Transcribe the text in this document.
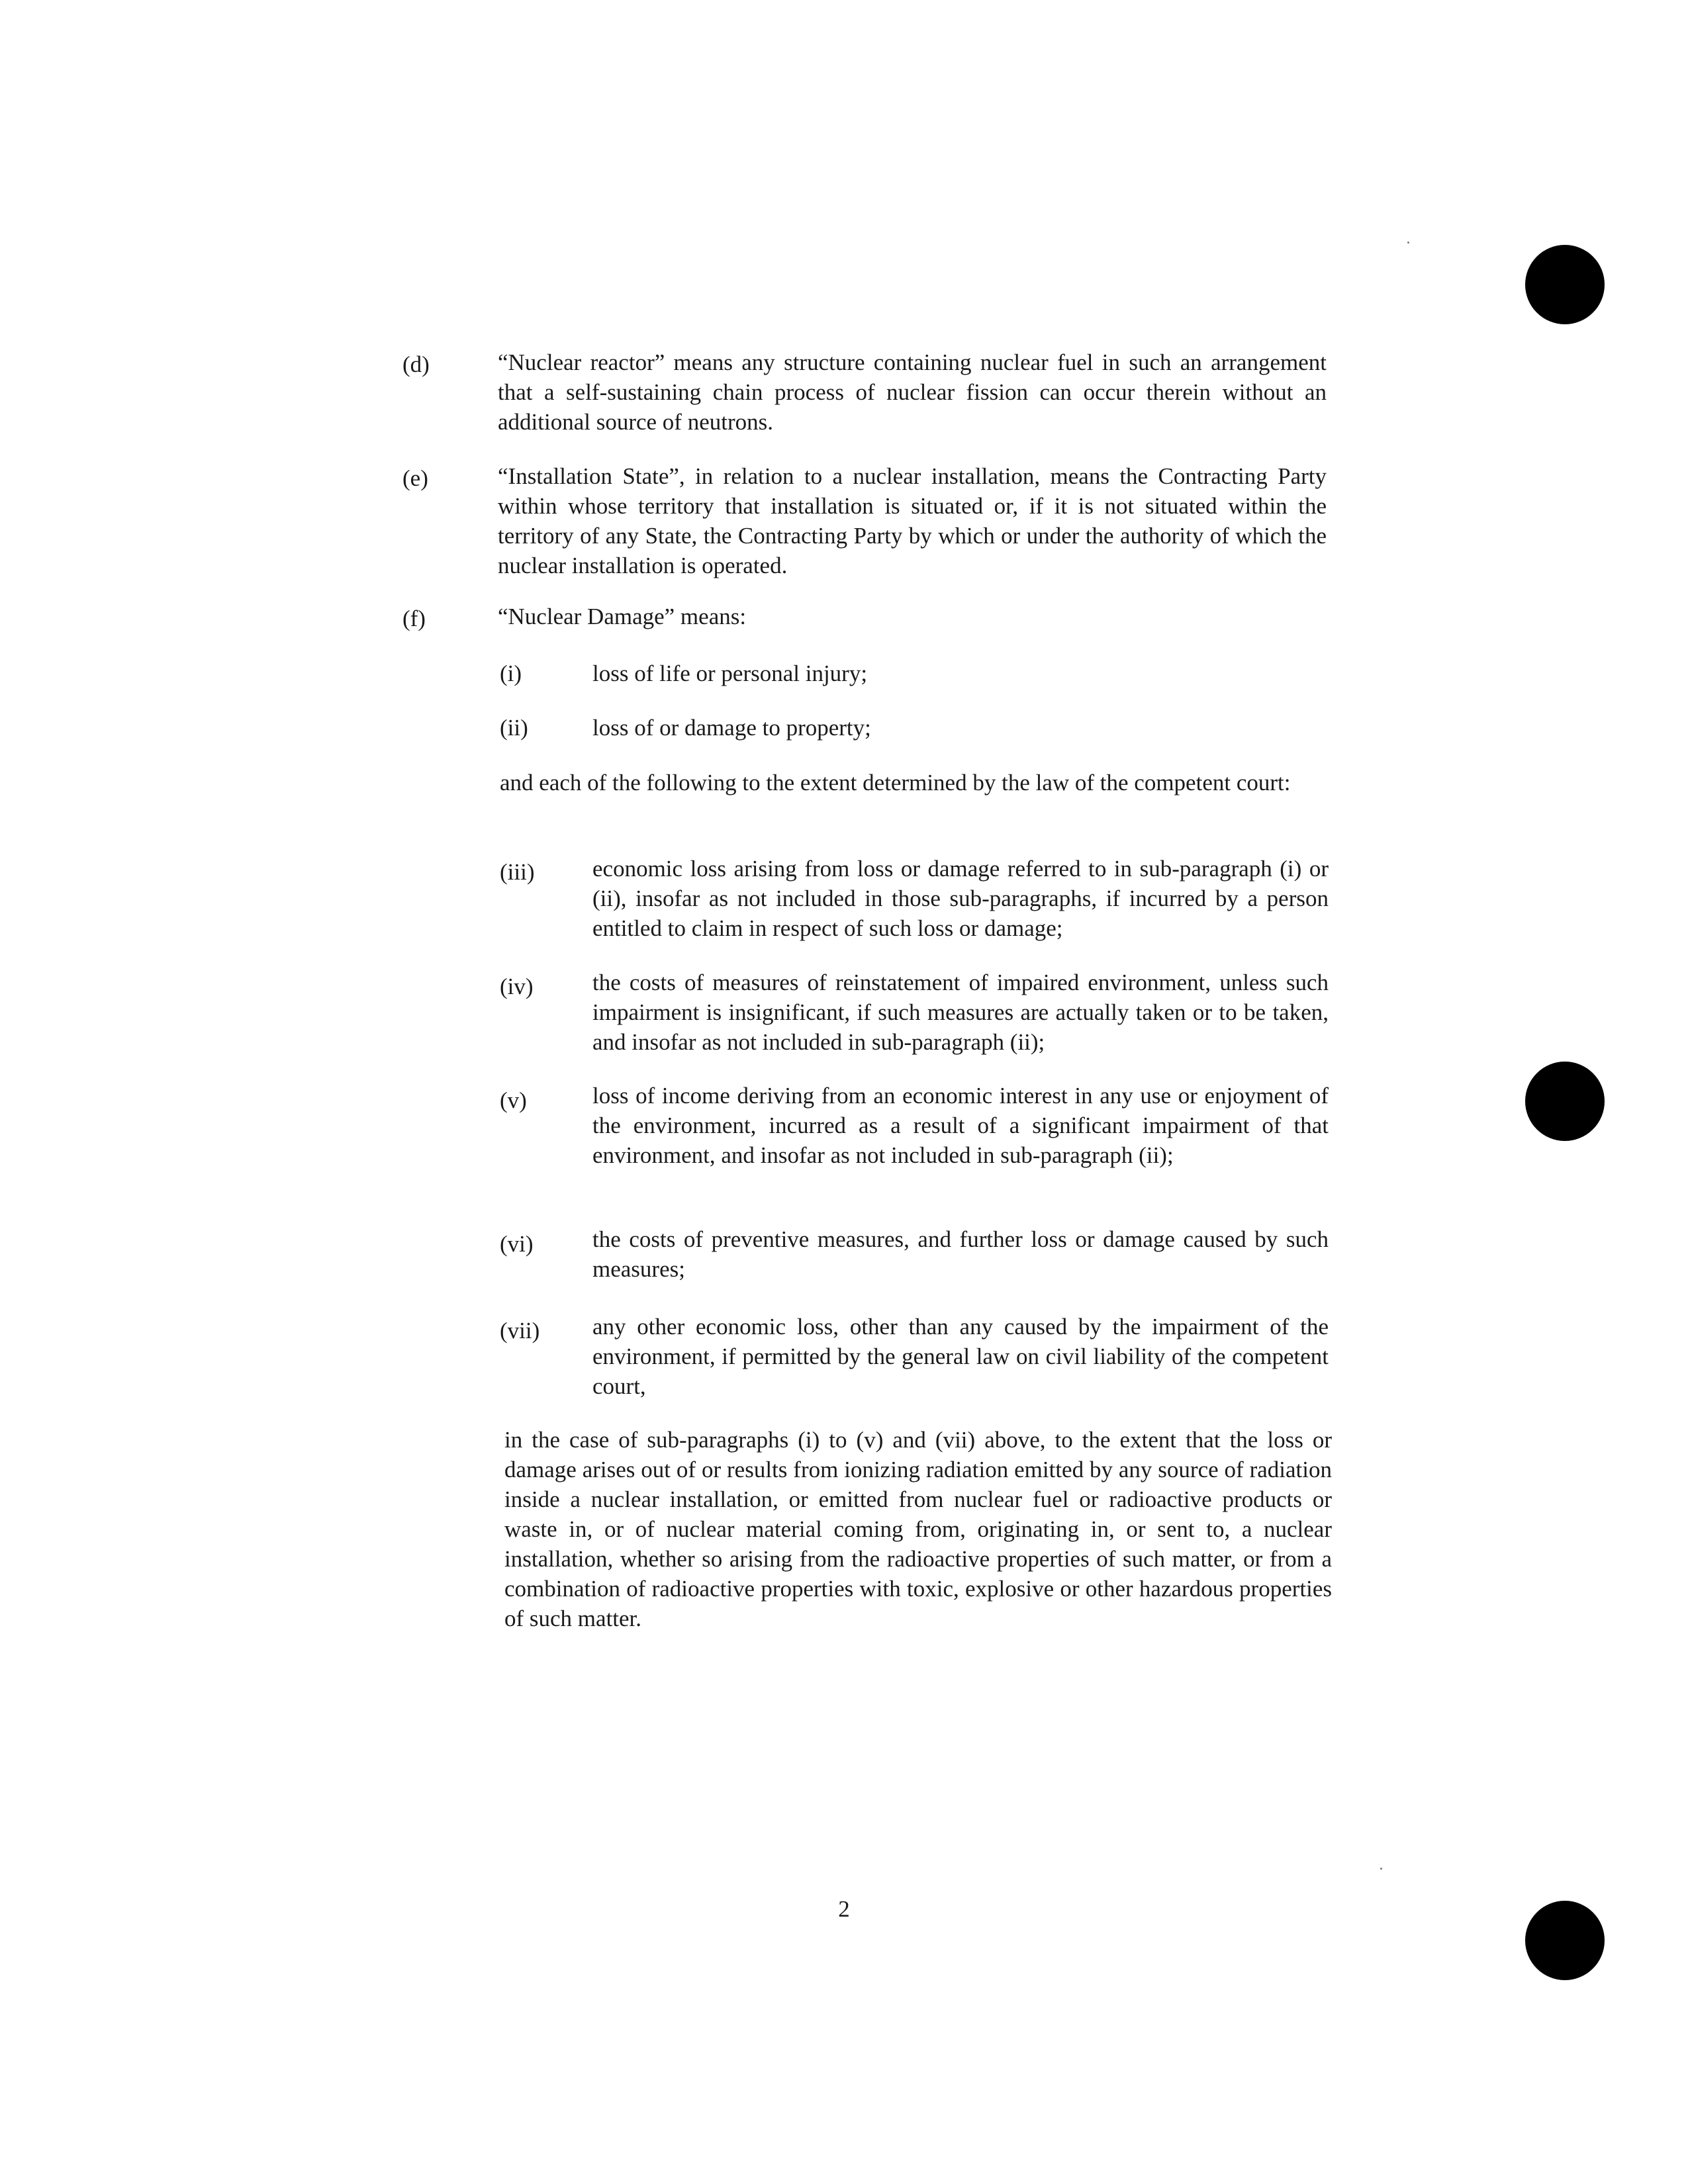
(d)	“Nuclear reactor” means any structure containing nuclear fuel in such an arrangement that a self-sustaining chain process of nuclear fission can occur therein without an additional source of neutrons.
(e)	“Installation State”, in relation to a nuclear installation, means the Contracting Party within whose territory that installation is situated or, if it is not situated within the territory of any State, the Contracting Party by which or under the authority of which the nuclear installation is operated.
(f)	“Nuclear Damage” means:
(i)	loss of life or personal injury;
(ii)	loss of or damage to property;
and each of the following to the extent determined by the law of the competent court:
(iii)	economic loss arising from loss or damage referred to in sub-paragraph (i) or (ii), insofar as not included in those sub-paragraphs, if incurred by a person entitled to claim in respect of such loss or damage;
(iv)	the costs of measures of reinstatement of impaired environment, unless such impairment is insignificant, if such measures are actually taken or to be taken, and insofar as not included in sub-paragraph (ii);
(v)	loss of income deriving from an economic interest in any use or enjoyment of the environment, incurred as a result of a significant impairment of that environment, and insofar as not included in sub-paragraph (ii);
(vi)	the costs of preventive measures, and further loss or damage caused by such measures;
(vii) any other economic loss, other than any caused by the impairment of the environment, if permitted by the general law on civil liability of the competent court,
in the case of sub-paragraphs (i) to (v) and (vii) above, to the extent that the loss or damage arises out of or results from ionizing radiation emitted by any source of radiation inside a nuclear installation, or emitted from nuclear fuel or radioactive products or waste in, or of nuclear material coming from, originating in, or sent to, a nuclear installation, whether so arising from the radioactive properties of such matter, or from a combination of radioactive properties with toxic, explosive or other hazardous properties of such matter.
2
